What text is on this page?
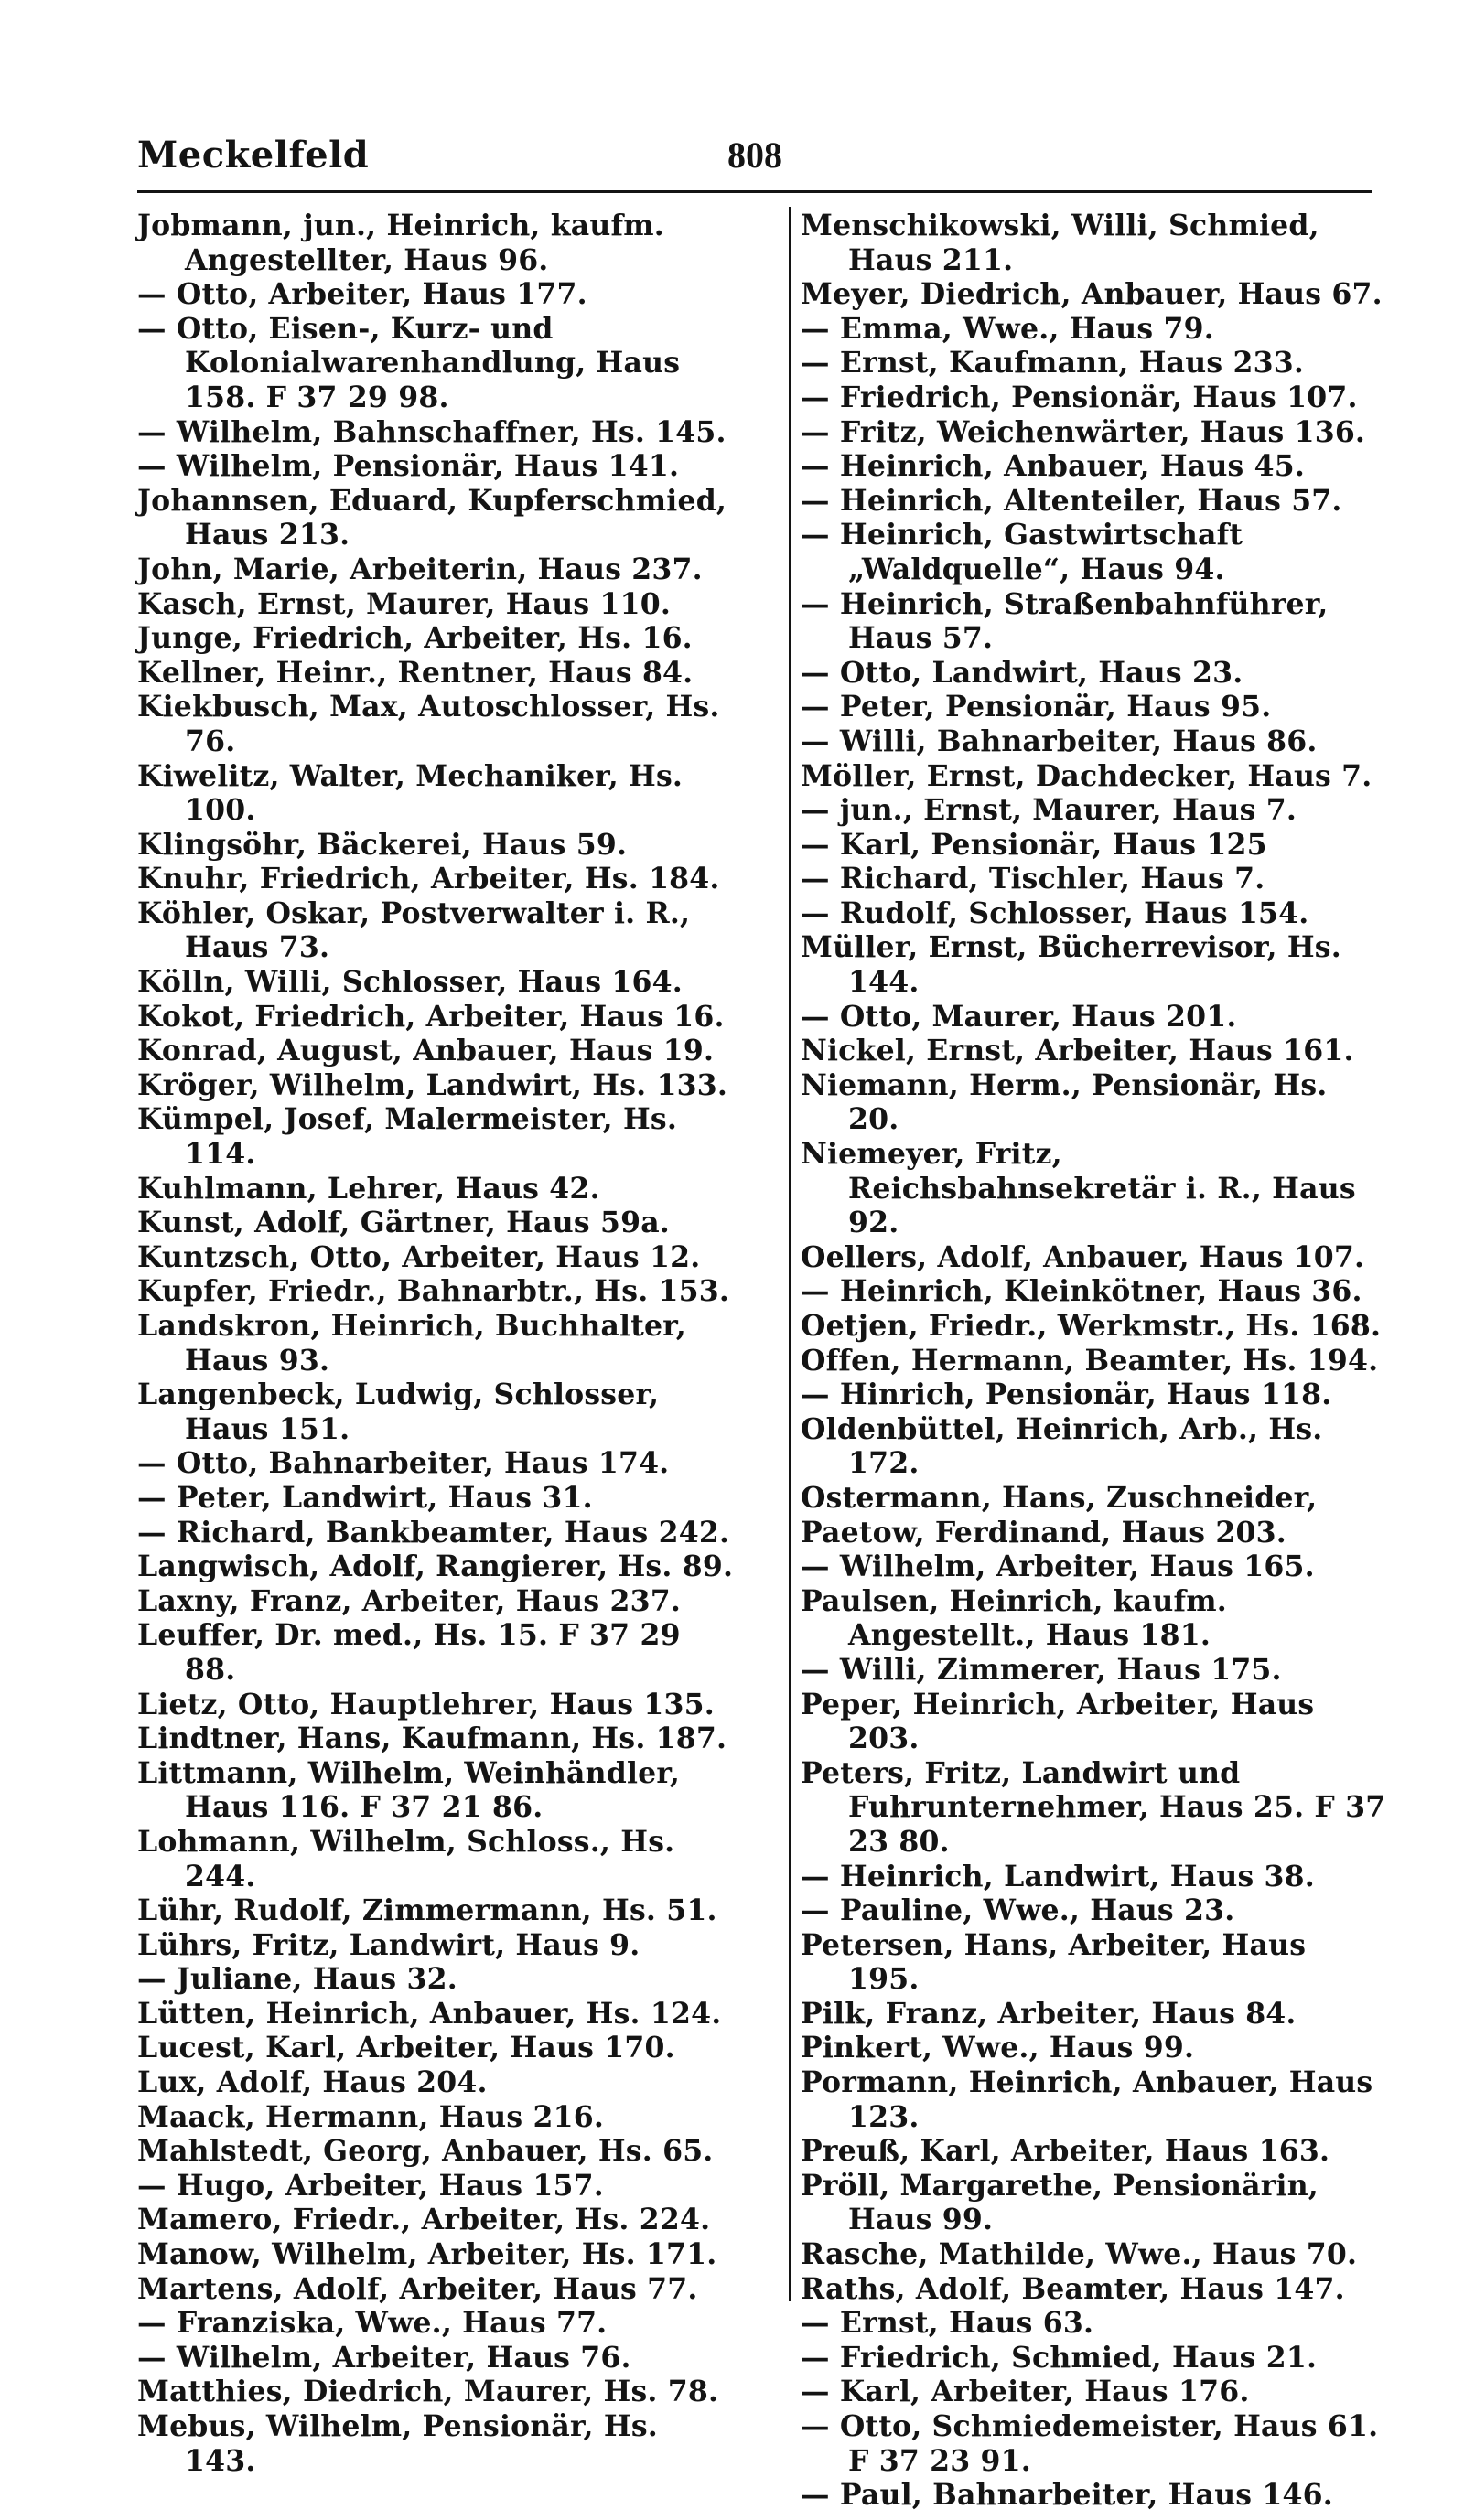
Meckelfeld	808
Jobmann, jun., Heinrich, kaufm. Angestellter, Haus 96.
— Otto, Arbeiter, Haus 177.
— Otto, Eisen-, Kurz- und Kolonialwarenhandlung, Haus 158. F 37 29 98.
— Wilhelm, Bahnschaffner, Hs. 145.
— Wilhelm, Pensionär, Haus 141.
Johannsen, Eduard, Kupferschmied, Haus 213.
John, Marie, Arbeiterin, Haus 237.
Kasch, Ernst, Maurer, Haus 110.
Junge, Friedrich, Arbeiter, Hs. 16.
Kellner, Heinr., Rentner, Haus 84.
Kiekbusch, Max, Autoschlosser, Hs. 76.
Kiwelitz, Walter, Mechaniker, Hs. 100.
Klingsöhr, Bäckerei, Haus 59.
Knuhr, Friedrich, Arbeiter, Hs. 184.
Köhler, Oskar, Postverwalter i. R., Haus 73.
Kölln, Willi, Schlosser, Haus 164.
Kokot, Friedrich, Arbeiter, Haus 16.
Konrad, August, Anbauer, Haus 19.
Kröger, Wilhelm, Landwirt, Hs. 133.
Kümpel, Josef, Malermeister, Hs. 114.
Kuhlmann, Lehrer, Haus 42.
Kunst, Adolf, Gärtner, Haus 59a.
Kuntzsch, Otto, Arbeiter, Haus 12.
Kupfer, Friedr., Bahnarbtr., Hs. 153.
Landskron, Heinrich, Buchhalter, Haus 93.
Langenbeck, Ludwig, Schlosser, Haus 151.
— Otto, Bahnarbeiter, Haus 174.
— Peter, Landwirt, Haus 31.
— Richard, Bankbeamter, Haus 242.
Langwisch, Adolf, Rangierer, Hs. 89.
Laxny, Franz, Arbeiter, Haus 237.
Leuffer, Dr. med., Hs. 15. F 37 29 88.
Lietz, Otto, Hauptlehrer, Haus 135.
Lindtner, Hans, Kaufmann, Hs. 187.
Littmann, Wilhelm, Weinhändler, Haus 116. F 37 21 86.
Lohmann, Wilhelm, Schloss., Hs. 244.
Lühr, Rudolf, Zimmermann, Hs. 51.
Lührs, Fritz, Landwirt, Haus 9.
— Juliane, Haus 32.
Lütten, Heinrich, Anbauer, Hs. 124.
Lucest, Karl, Arbeiter, Haus 170.
Lux, Adolf, Haus 204.
Maack, Hermann, Haus 216.
Mahlstedt, Georg, Anbauer, Hs. 65.
— Hugo, Arbeiter, Haus 157.
Mamero, Friedr., Arbeiter, Hs. 224.
Manow, Wilhelm, Arbeiter, Hs. 171.
Martens, Adolf, Arbeiter, Haus 77.
— Franziska, Wwe., Haus 77.
— Wilhelm, Arbeiter, Haus 76.
Matthies, Diedrich, Maurer, Hs. 78.
Mebus, Wilhelm, Pensionär, Hs. 143.
Menschikowski, Willi, Schmied, Haus 211.
Meyer, Diedrich, Anbauer, Haus 67.
— Emma, Wwe., Haus 79.
— Ernst, Kaufmann, Haus 233.
— Friedrich, Pensionär, Haus 107.
— Fritz, Weichenwärter, Haus 136.
— Heinrich, Anbauer, Haus 45.
— Heinrich, Altenteiler, Haus 57.
— Heinrich, Gastwirtschaft „Waldquelle“, Haus 94.
— Heinrich, Straßenbahnführer, Haus 57.
— Otto, Landwirt, Haus 23.
— Peter, Pensionär, Haus 95.
— Willi, Bahnarbeiter, Haus 86.
Möller, Ernst, Dachdecker, Haus 7.
— jun., Ernst, Maurer, Haus 7.
— Karl, Pensionär, Haus 125
— Richard, Tischler, Haus 7.
— Rudolf, Schlosser, Haus 154.
Müller, Ernst, Bücherrevisor, Hs. 144.
— Otto, Maurer, Haus 201.
Nickel, Ernst, Arbeiter, Haus 161.
Niemann, Herm., Pensionär, Hs. 20.
Niemeyer, Fritz, Reichsbahnsekretär i. R., Haus 92.
Oellers, Adolf, Anbauer, Haus 107.
— Heinrich, Kleinkötner, Haus 36.
Oetjen, Friedr., Werkmstr., Hs. 168.
Offen, Hermann, Beamter, Hs. 194.
— Hinrich, Pensionär, Haus 118.
Oldenbüttel, Heinrich, Arb., Hs. 172.
Ostermann, Hans, Zuschneider,
Paetow, Ferdinand, Haus 203.
— Wilhelm, Arbeiter, Haus 165.
Paulsen, Heinrich, kaufm. Angestellt., Haus 181.
— Willi, Zimmerer, Haus 175.
Peper, Heinrich, Arbeiter, Haus 203.
Peters, Fritz, Landwirt und Fuhrunternehmer, Haus 25. F 37 23 80.
— Heinrich, Landwirt, Haus 38.
— Pauline, Wwe., Haus 23.
Petersen, Hans, Arbeiter, Haus 195.
Pilk, Franz, Arbeiter, Haus 84.
Pinkert, Wwe., Haus 99.
Pormann, Heinrich, Anbauer, Haus 123.
Preuß, Karl, Arbeiter, Haus 163.
Pröll, Margarethe, Pensionärin, Haus 99.
Rasche, Mathilde, Wwe., Haus 70.
Raths, Adolf, Beamter, Haus 147.
— Ernst, Haus 63.
— Friedrich, Schmied, Haus 21.
— Karl, Arbeiter, Haus 176.
— Otto, Schmiedemeister, Haus 61. F 37 23 91.
— Paul, Bahnarbeiter, Haus 146.
